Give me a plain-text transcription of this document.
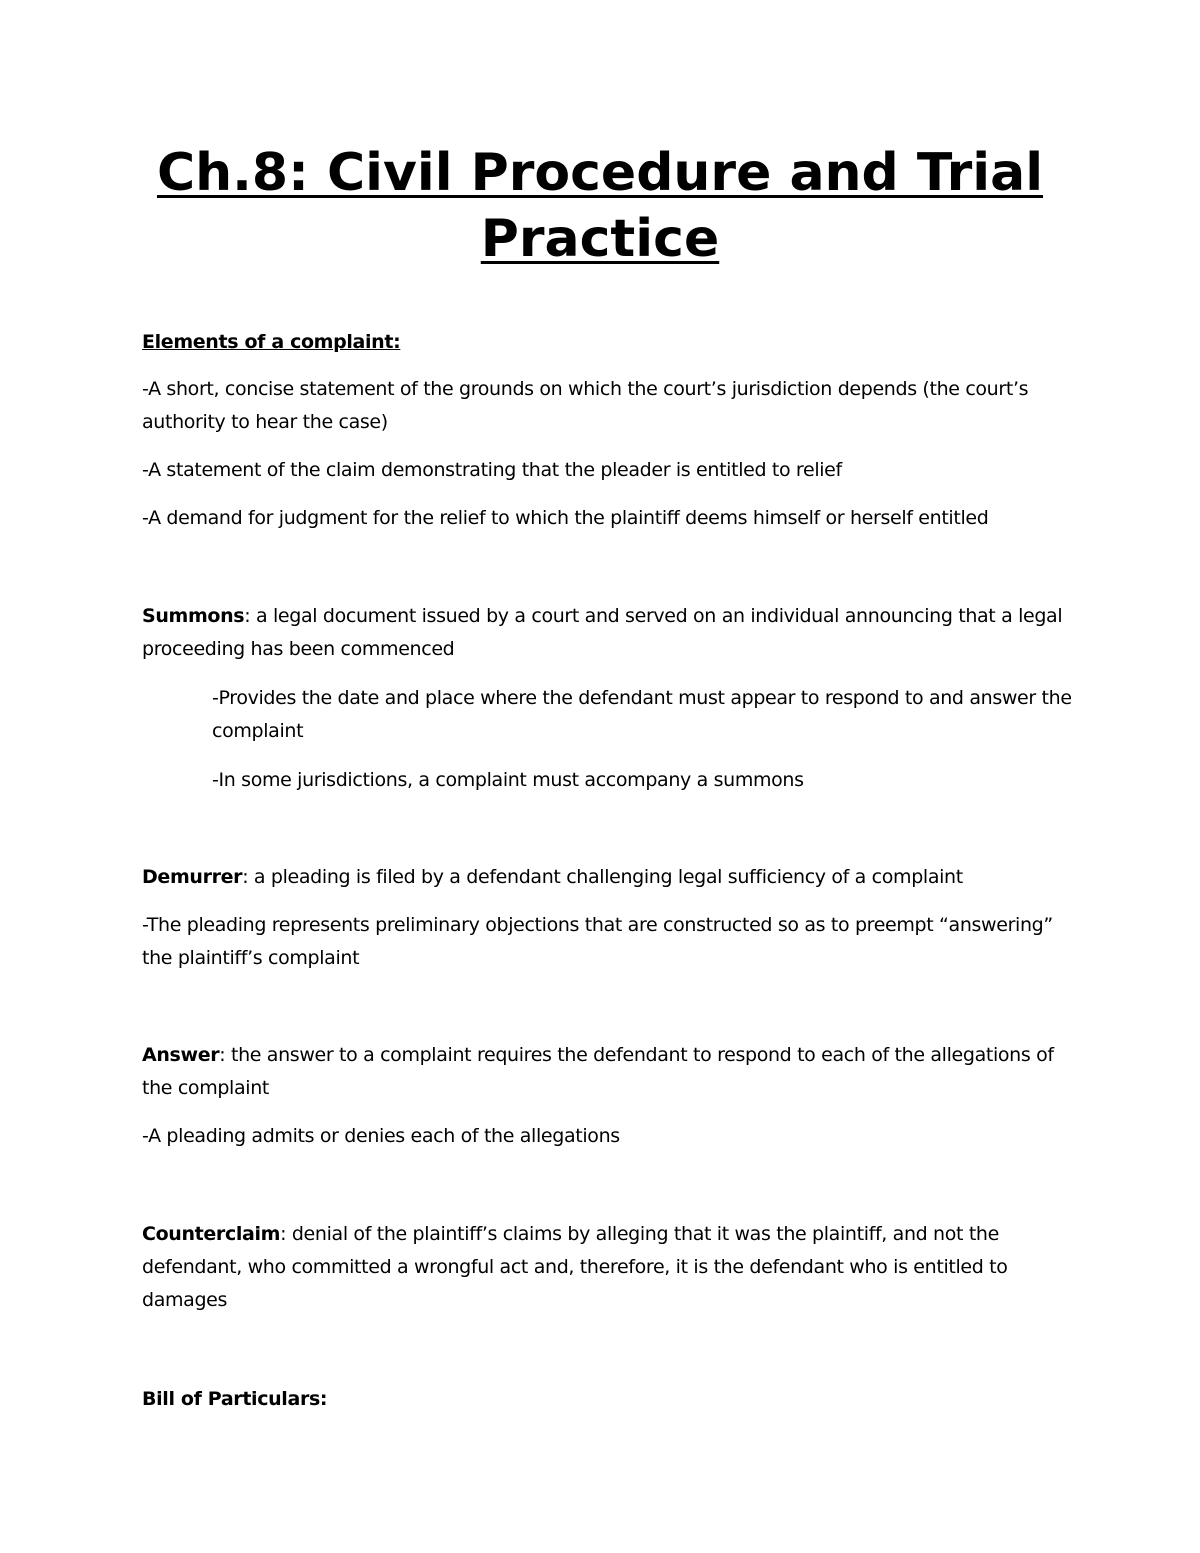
Ch.8: Civil Procedure and Trial Practice

Elements of a complaint:

-A short, concise statement of the grounds on which the court’s jurisdiction depends (the court’s authority to hear the case)

-A statement of the claim demonstrating that the pleader is entitled to relief

-A demand for judgment for the relief to which the plaintiff deems himself or herself entitled

Summons: a legal document issued by a court and served on an individual announcing that a legal proceeding has been commenced

-Provides the date and place where the defendant must appear to respond to and answer the complaint

-In some jurisdictions, a complaint must accompany a summons

Demurrer: a pleading is filed by a defendant challenging legal sufficiency of a complaint

-The pleading represents preliminary objections that are constructed so as to preempt “answering” the plaintiff’s complaint

Answer: the answer to a complaint requires the defendant to respond to each of the allegations of the complaint

-A pleading admits or denies each of the allegations

Counterclaim: denial of the plaintiff’s claims by alleging that it was the plaintiff, and not the defendant, who committed a wrongful act and, therefore, it is the defendant who is entitled to damages

Bill of Particulars:
